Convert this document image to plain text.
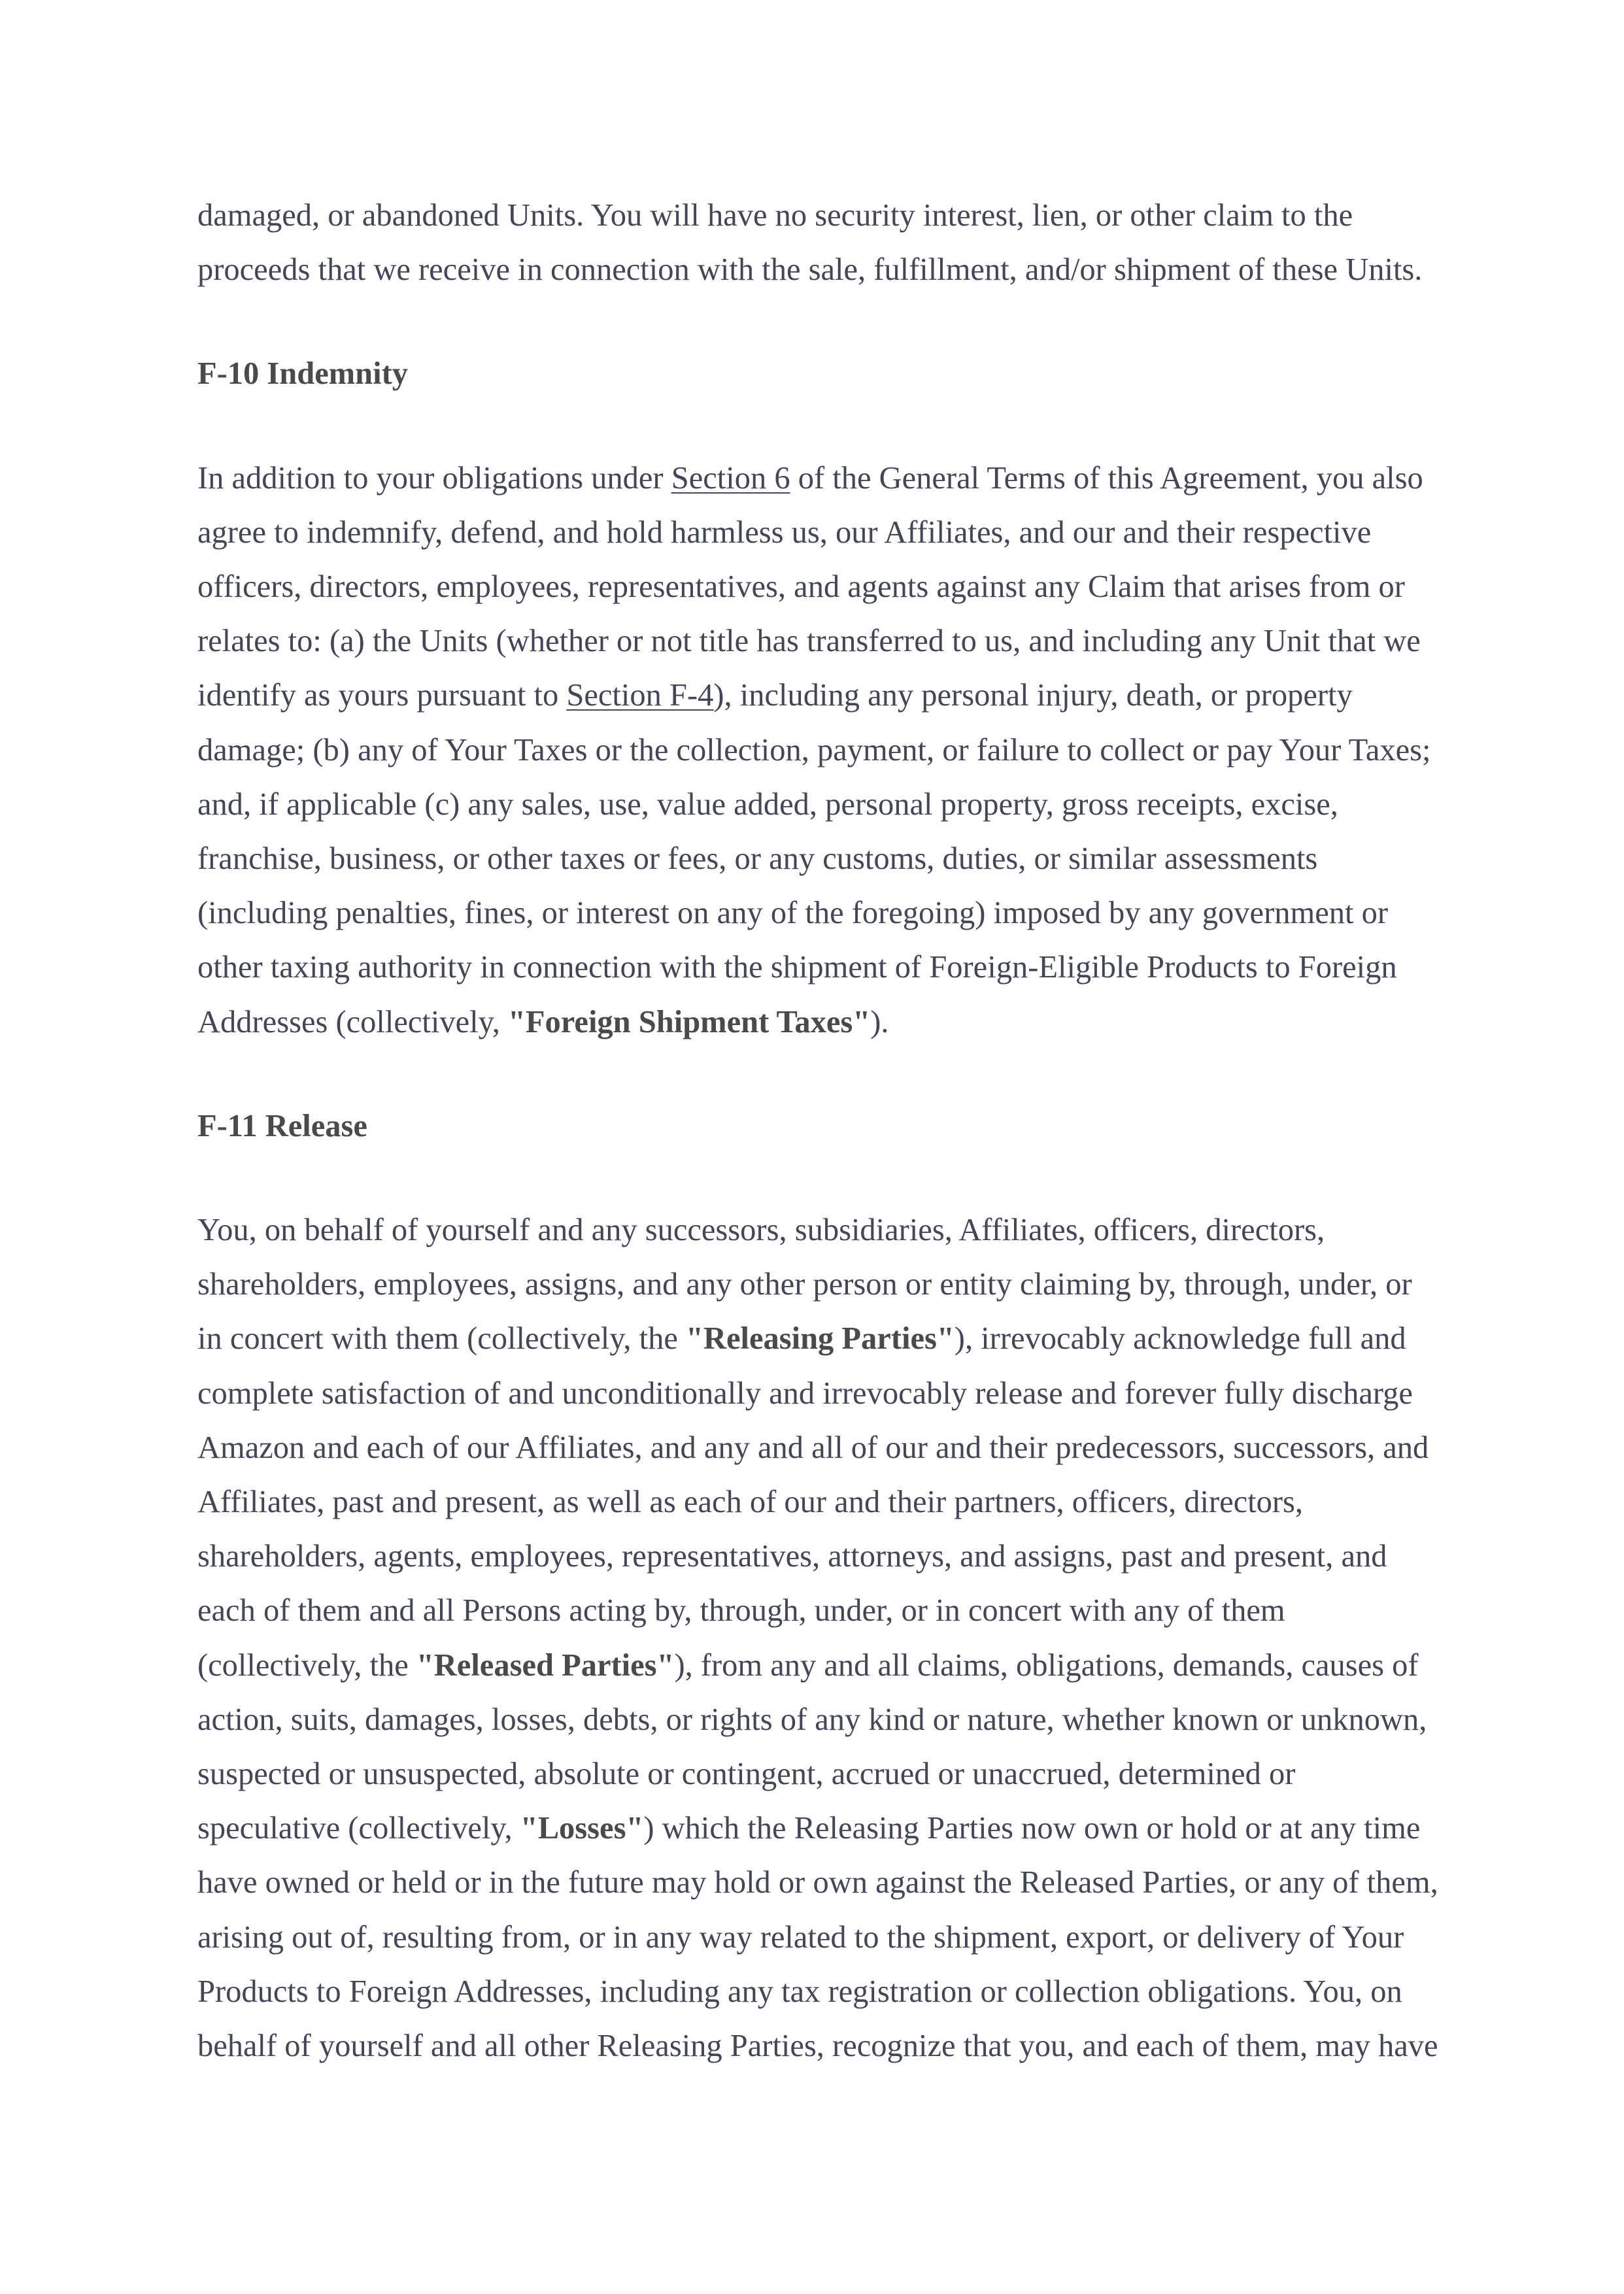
damaged, or abandoned Units. You will have no security interest, lien, or other claim to the proceeds that we receive in connection with the sale, fulfillment, and/or shipment of these Units.

F-10 Indemnity

In addition to your obligations under Section 6 of the General Terms of this Agreement, you also agree to indemnify, defend, and hold harmless us, our Affiliates, and our and their respective officers, directors, employees, representatives, and agents against any Claim that arises from or relates to: (a) the Units (whether or not title has transferred to us, and including any Unit that we identify as yours pursuant to Section F-4), including any personal injury, death, or property damage; (b) any of Your Taxes or the collection, payment, or failure to collect or pay Your Taxes; and, if applicable (c) any sales, use, value added, personal property, gross receipts, excise, franchise, business, or other taxes or fees, or any customs, duties, or similar assessments (including penalties, fines, or interest on any of the foregoing) imposed by any government or other taxing authority in connection with the shipment of Foreign-Eligible Products to Foreign Addresses (collectively, "Foreign Shipment Taxes").

F-11 Release

You, on behalf of yourself and any successors, subsidiaries, Affiliates, officers, directors, shareholders, employees, assigns, and any other person or entity claiming by, through, under, or in concert with them (collectively, the "Releasing Parties"), irrevocably acknowledge full and complete satisfaction of and unconditionally and irrevocably release and forever fully discharge Amazon and each of our Affiliates, and any and all of our and their predecessors, successors, and Affiliates, past and present, as well as each of our and their partners, officers, directors, shareholders, agents, employees, representatives, attorneys, and assigns, past and present, and each of them and all Persons acting by, through, under, or in concert with any of them (collectively, the "Released Parties"), from any and all claims, obligations, demands, causes of action, suits, damages, losses, debts, or rights of any kind or nature, whether known or unknown, suspected or unsuspected, absolute or contingent, accrued or unaccrued, determined or speculative (collectively, "Losses") which the Releasing Parties now own or hold or at any time have owned or held or in the future may hold or own against the Released Parties, or any of them, arising out of, resulting from, or in any way related to the shipment, export, or delivery of Your Products to Foreign Addresses, including any tax registration or collection obligations. You, on behalf of yourself and all other Releasing Parties, recognize that you, and each of them, may have
